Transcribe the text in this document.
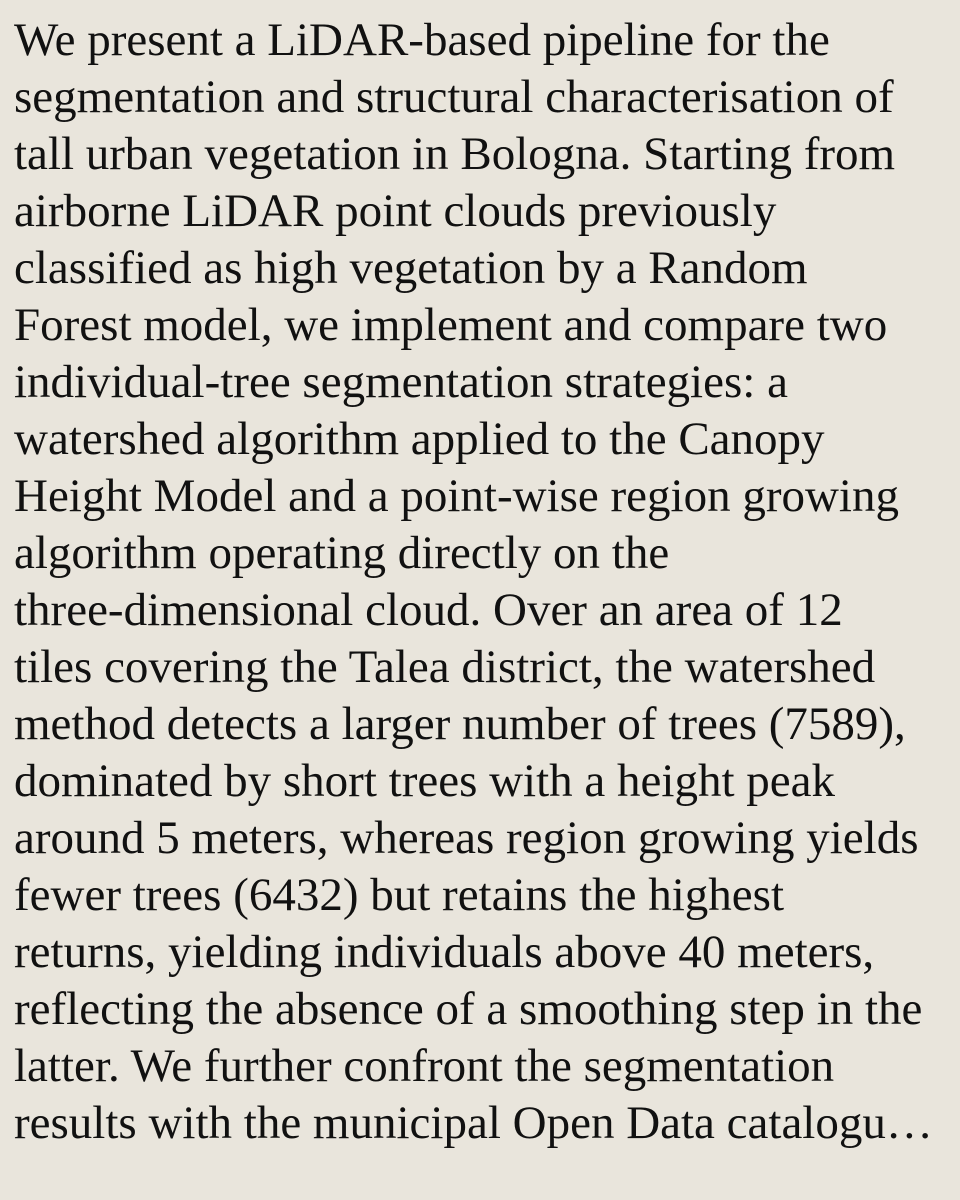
We present a LiDAR-based pipeline for the
segmentation and structural characterisation of
tall urban vegetation in Bologna. Starting from
airborne LiDAR point clouds previously
classified as high vegetation by a Random
Forest model, we implement and compare two
individual-tree segmentation strategies: a
watershed algorithm applied to the Canopy
Height Model and a point-wise region growing
algorithm operating directly on the
three-dimensional cloud. Over an area of 12
tiles covering the Talea district, the watershed
method detects a larger number of trees (7589),
dominated by short trees with a height peak
around 5 meters, whereas region growing yields
fewer trees (6432) but retains the highest
returns, yielding individuals above 40 meters,
reflecting the absence of a smoothing step in the
latter. We further confront the segmentation
results with the municipal Open Data catalogu…
